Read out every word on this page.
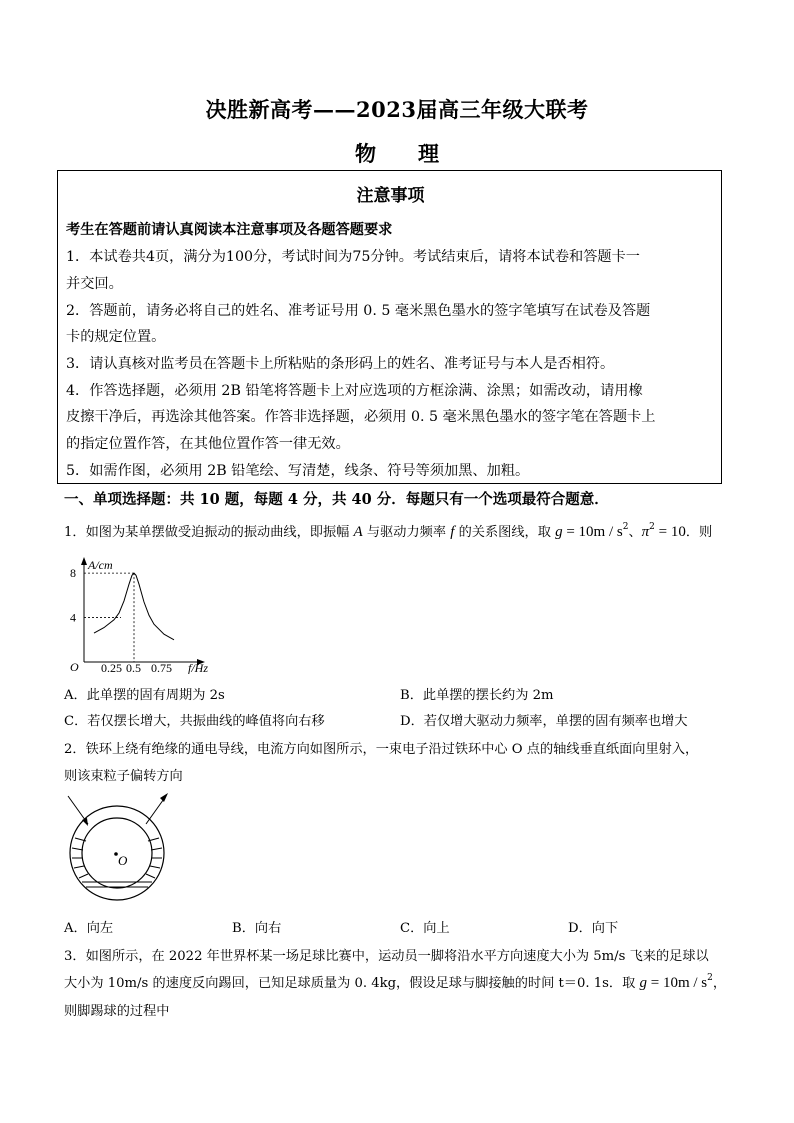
决胜新高考——2023届高三年级大联考
物　　理
注意事项
考生在答题前请认真阅读本注意事项及各题答题要求
1．本试卷共4页，满分为100分，考试时间为75分钟。考试结束后，请将本试卷和答题卡一
并交回。
2．答题前，请务必将自己的姓名、准考证号用 0. 5 毫米黑色墨水的签字笔填写在试卷及答题
卡的规定位置。
3．请认真核对监考员在答题卡上所粘贴的条形码上的姓名、准考证号与本人是否相符。
4．作答选择题，必须用 2B 铅笔将答题卡上对应选项的方框涂满、涂黑；如需改动，请用橡
皮擦干净后，再选涂其他答案。作答非选择题，必须用 0. 5 毫米黑色墨水的签字笔在答题卡上
的指定位置作答，在其他位置作答一律无效。
5．如需作图，必须用 2B 铅笔绘、写清楚，线条、符号等须加黑、加粗。
一、单项选择题：共 10 题，每题 4 分，共 40 分．每题只有一个选项最符合题意．
1．如图为某单摆做受迫振动的振动曲线，即振幅 A 与驱动力频率 f 的关系图线，取 $g = 10m / s^2$、$\pi^2 = 10$．则
A/cm
f/Hz
O 0.25 0.5 0.75
4
8
A．此单摆的固有周期为 2s	B．此单摆的摆长约为 2m
C．若仅摆长增大，共振曲线的峰值将向右移	D．若仅增大驱动力频率，单摆的固有频率也增大
2．铁环上绕有绝缘的通电导线，电流方向如图所示，一束电子沿过铁环中心 O 点的轴线垂直纸面向里射入，
则该束粒子偏转方向
O
A．向左	B．向右	C．向上	D．向下
3．如图所示，在 2022 年世界杯某一场足球比赛中，运动员一脚将沿水平方向速度大小为 5m/s 飞来的足球以
大小为 10m/s 的速度反向踢回，已知足球质量为 0. 4kg，假设足球与脚接触的时间 t＝0. 1s．取 $g = 10m / s^2$，
则脚踢球的过程中
